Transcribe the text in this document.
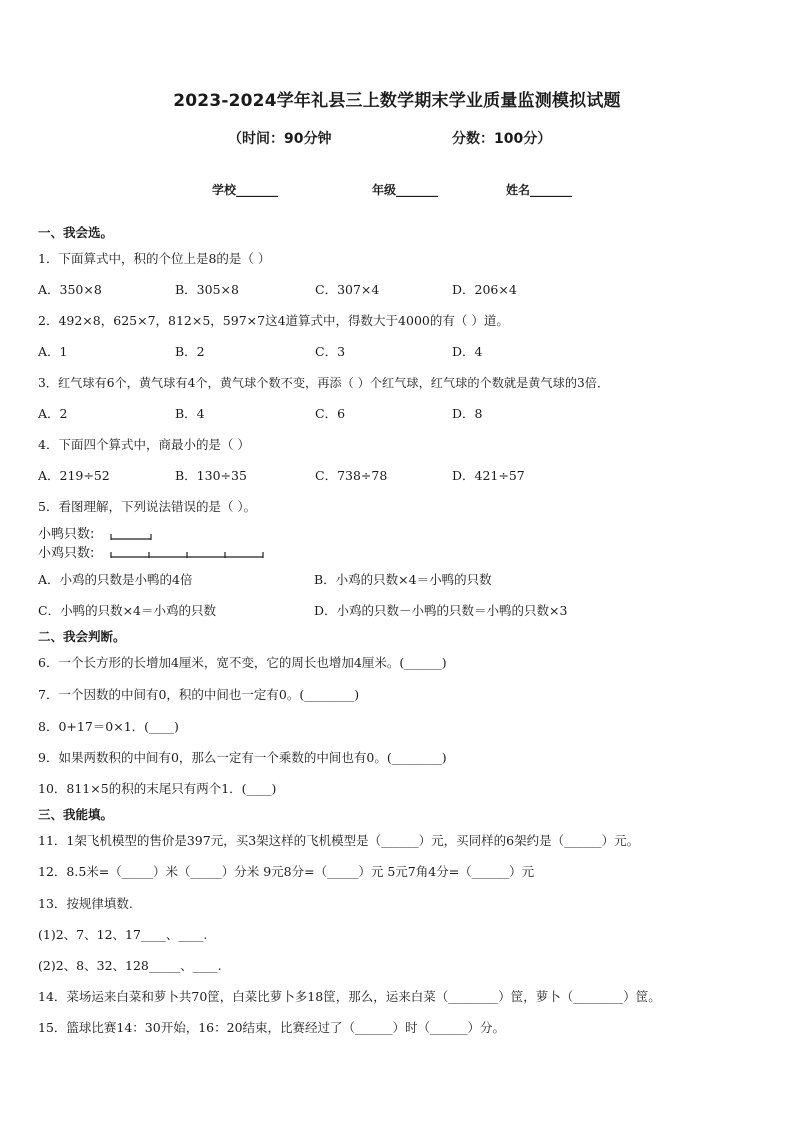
2023-2024学年礼县三上数学期末学业质量监测模拟试题
（时间：90分钟	分数：100分）
学校_______	年级_______	姓名_______
一、我会选。
1．下面算式中，积的个位上是8的是（ ）
A．350×8	B．305×8	C．307×4	D．206×4
2．492×8，625×7，812×5，597×7这4道算式中，得数大于4000的有（ ）道。
A．1	B．2	C．3	D．4
3．红气球有6个，黄气球有4个，黄气球个数不变，再添（ ）个红气球，红气球的个数就是黄气球的3倍．
A．2	B．4	C．6	D．8
4．下面四个算式中，商最小的是（ ）
A．219÷52	B．130÷35	C．738÷78	D．421÷57
5．看图理解，下列说法错误的是（ ）。
小鸭只数:
小鸡只数:
A．小鸡的只数是小鸭的4倍	B．小鸡的只数×4＝小鸭的只数
C．小鸭的只数×4＝小鸡的只数	D．小鸡的只数－小鸭的只数＝小鸭的只数×3
二、我会判断。
6．一个长方形的长增加4厘米，宽不变，它的周长也增加4厘米。(______)
7．一个因数的中间有0，积的中间也一定有0。(________)
8．0+17＝0×1．(____)
9．如果两数积的中间有0，那么一定有一个乘数的中间也有0。(________)
10．811×5的积的末尾只有两个1．(____)
三、我能填。
11．1架飞机模型的售价是397元，买3架这样的飞机模型是（______）元，买同样的6架约是（______）元。
12．8.5米=（_____）米（_____）分米 9元8分=（_____）元 5元7角4分=（______）元
13．按规律填数.
(1)2、7、12、17____、____.
(2)2、8、32、128_____、____.
14．菜场运来白菜和萝卜共70筐，白菜比萝卜多18筐，那么，运来白菜（________）筐，萝卜（________）筐。
15．篮球比赛14：30开始，16：20结束，比赛经过了（______）时（______）分。
